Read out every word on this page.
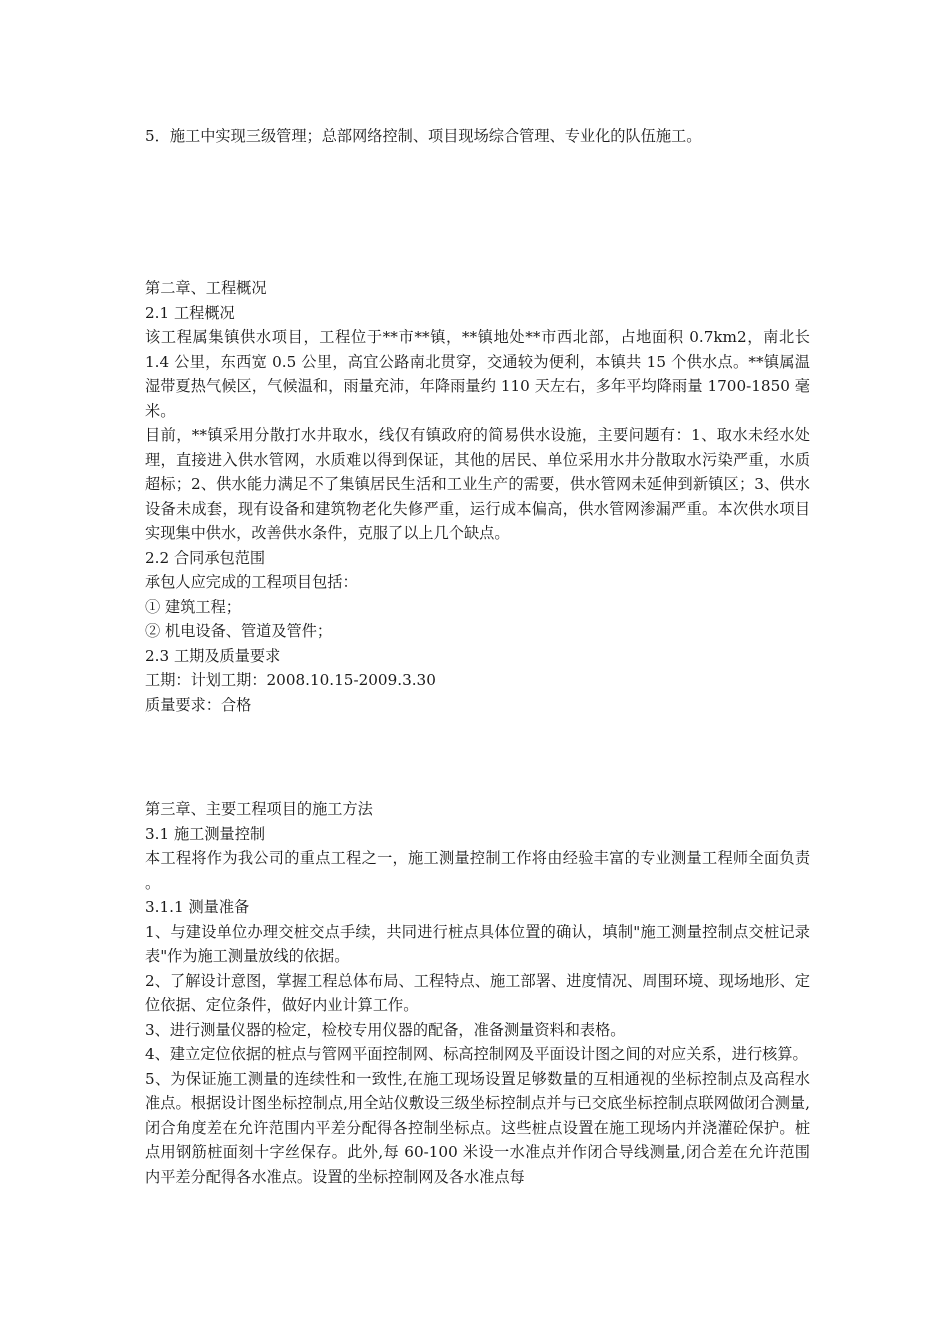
5．施工中实现三级管理；总部网络控制、项目现场综合管理、专业化的队伍施工。

第二章、工程概况

2.1 工程概况

该工程属集镇供水项目，工程位于**市**镇，**镇地处**市西北部，占地面积 0.7km2，南北长 1.4 公里，东西宽 0.5 公里，高宜公路南北贯穿，交通较为便利，本镇共 15 个供水点。**镇属温湿带夏热气候区，气候温和，雨量充沛，年降雨量约 110 天左右，多年平均降雨量 1700-1850 毫米。

目前，**镇采用分散打水井取水，线仅有镇政府的简易供水设施，主要问题有：1、取水未经水处理，直接进入供水管网，水质难以得到保证，其他的居民、单位采用水井分散取水污染严重，水质超标；2、供水能力满足不了集镇居民生活和工业生产的需要，供水管网未延伸到新镇区；3、供水设备未成套，现有设备和建筑物老化失修严重，运行成本偏高，供水管网渗漏严重。本次供水项目实现集中供水，改善供水条件，克服了以上几个缺点。

2.2 合同承包范围

承包人应完成的工程项目包括：

① 建筑工程；

② 机电设备、管道及管件；

2.3 工期及质量要求

工期：计划工期：2008.10.15-2009.3.30

质量要求：合格

第三章、主要工程项目的施工方法

3.1 施工测量控制

本工程将作为我公司的重点工程之一，施工测量控制工作将由经验丰富的专业测量工程师全面负责 。

3.1.1 测量准备

1、与建设单位办理交桩交点手续，共同进行桩点具体位置的确认，填制"施工测量控制点交桩记录表"作为施工测量放线的依据。

2、了解设计意图，掌握工程总体布局、工程特点、施工部署、进度情况、周围环境、现场地形、定位依据、定位条件，做好内业计算工作。

3、进行测量仪器的检定，检校专用仪器的配备，准备测量资料和表格。

4、建立定位依据的桩点与管网平面控制网、标高控制网及平面设计图之间的对应关系，进行核算。

5、为保证施工测量的连续性和一致性,在施工现场设置足够数量的互相通视的坐标控制点及高程水准点。根据设计图坐标控制点,用全站仪敷设三级坐标控制点并与已交底坐标控制点联网做闭合测量,闭合角度差在允许范围内平差分配得各控制坐标点。这些桩点设置在施工现场内并浇灌砼保护。桩点用钢筋桩面刻十字丝保存。此外,每 60-100 米设一水准点并作闭合导线测量,闭合差在允许范围内平差分配得各水准点。设置的坐标控制网及各水准点每
